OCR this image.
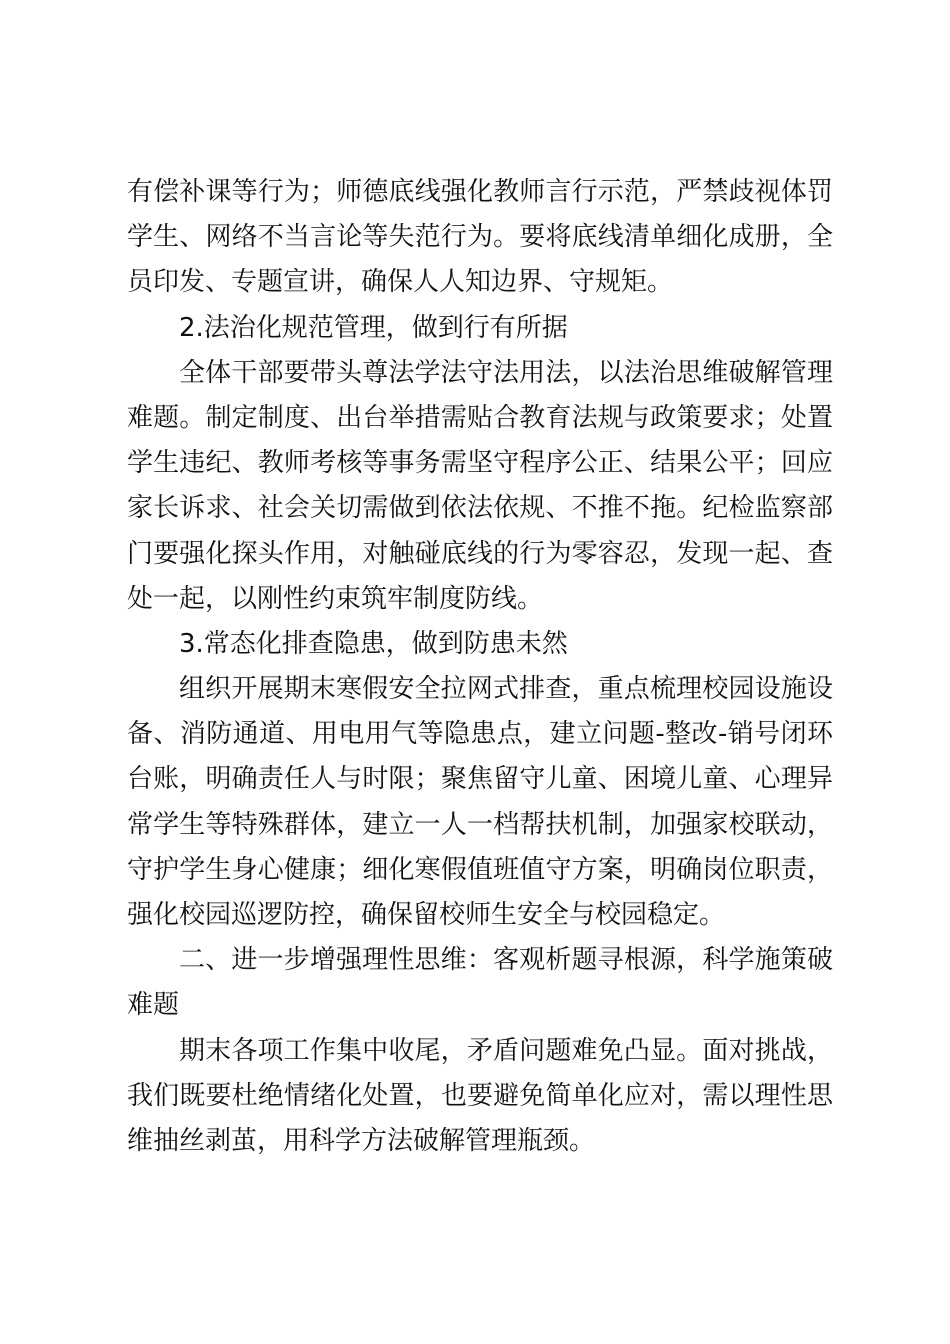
有偿补课等行为；师德底线强化教师言行示范，严禁歧视体罚
学生、网络不当言论等失范行为。要将底线清单细化成册，全
员印发、专题宣讲，确保人人知边界、守规矩。
2.法治化规范管理，做到行有所据
全体干部要带头尊法学法守法用法，以法治思维破解管理
难题。制定制度、出台举措需贴合教育法规与政策要求；处置
学生违纪、教师考核等事务需坚守程序公正、结果公平；回应
家长诉求、社会关切需做到依法依规、不推不拖。纪检监察部
门要强化探头作用，对触碰底线的行为零容忍，发现一起、查
处一起，以刚性约束筑牢制度防线。
3.常态化排查隐患，做到防患未然
组织开展期末寒假安全拉网式排查，重点梳理校园设施设
备、消防通道、用电用气等隐患点，建立问题-整改-销号闭环
台账，明确责任人与时限；聚焦留守儿童、困境儿童、心理异
常学生等特殊群体，建立一人一档帮扶机制，加强家校联动，
守护学生身心健康；细化寒假值班值守方案，明确岗位职责，
强化校园巡逻防控，确保留校师生安全与校园稳定。
二、进一步增强理性思维：客观析题寻根源，科学施策破
难题
期末各项工作集中收尾，矛盾问题难免凸显。面对挑战，
我们既要杜绝情绪化处置，也要避免简单化应对，需以理性思
维抽丝剥茧，用科学方法破解管理瓶颈。
